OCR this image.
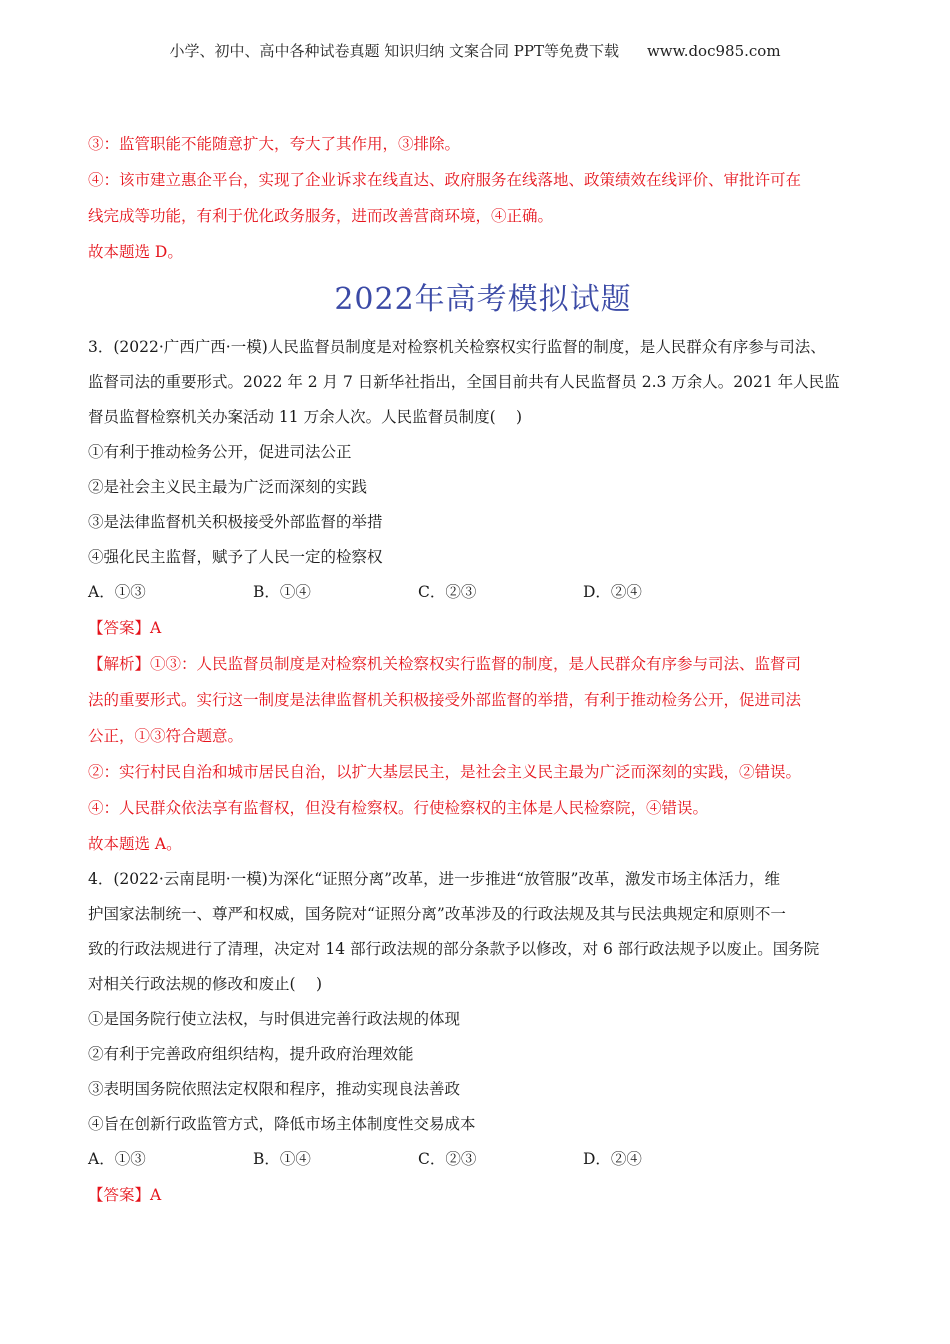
小学、初中、高中各种试卷真题 知识归纳 文案合同 PPT等免费下载 www.doc985.com
③：监管职能不能随意扩大，夸大了其作用，③排除。
④：该市建立惠企平台，实现了企业诉求在线直达、政府服务在线落地、政策绩效在线评价、审批许可在
线完成等功能，有利于优化政务服务，进而改善营商环境，④正确。
故本题选 D。
2022年高考模拟试题
3．(2022·广西广西·一模)人民监督员制度是对检察机关检察权实行监督的制度，是人民群众有序参与司法、
监督司法的重要形式。2022 年 2 月 7 日新华社指出，全国目前共有人民监督员 2.3 万余人。2021 年人民监
督员监督检察机关办案活动 11 万余人次。人民监督员制度(　 )
①有利于推动检务公开，促进司法公正
②是社会主义民主最为广泛而深刻的实践
③是法律监督机关积极接受外部监督的举措
④强化民主监督，赋予了人民一定的检察权
A．①③	B．①④	C．②③	D．②④
【答案】A
【解析】①③：人民监督员制度是对检察机关检察权实行监督的制度，是人民群众有序参与司法、监督司
法的重要形式。实行这一制度是法律监督机关积极接受外部监督的举措，有利于推动检务公开，促进司法
公正，①③符合题意。
②：实行村民自治和城市居民自治，以扩大基层民主，是社会主义民主最为广泛而深刻的实践，②错误。
④：人民群众依法享有监督权，但没有检察权。行使检察权的主体是人民检察院，④错误。
故本题选 A。
4．(2022·云南昆明·一模)为深化“证照分离”改革，进一步推进“放管服”改革，激发市场主体活力，维
护国家法制统一、尊严和权威，国务院对“证照分离”改革涉及的行政法规及其与民法典规定和原则不一
致的行政法规进行了清理，决定对 14 部行政法规的部分条款予以修改，对 6 部行政法规予以废止。国务院
对相关行政法规的修改和废止(　 )
①是国务院行使立法权，与时俱进完善行政法规的体现
②有利于完善政府组织结构，提升政府治理效能
③表明国务院依照法定权限和程序，推动实现良法善政
④旨在创新行政监管方式，降低市场主体制度性交易成本
A．①③	B．①④	C．②③	D．②④
【答案】A
